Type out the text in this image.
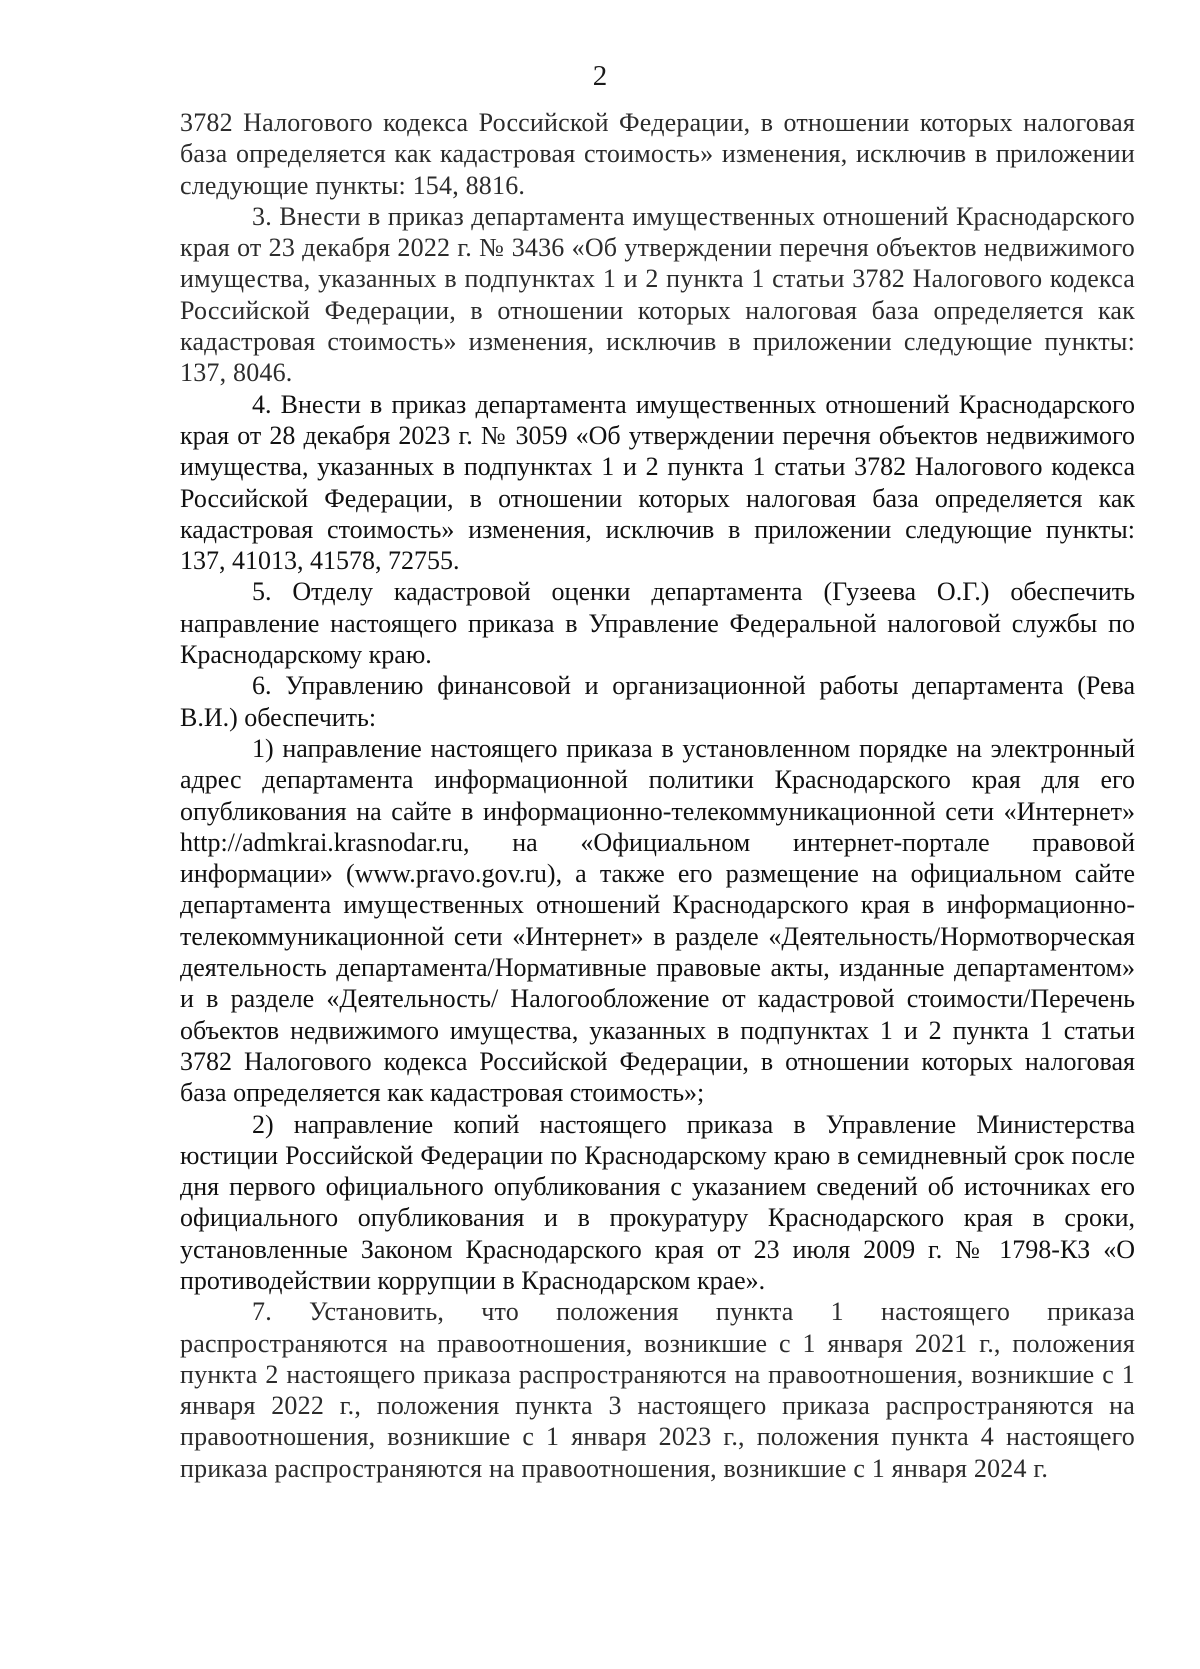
2

3782 Налогового кодекса Российской Федерации, в отношении которых налоговая база определяется как кадастровая стоимость» изменения, исключив в приложении следующие пункты: 154, 8816.

3. Внести в приказ департамента имущественных отношений Краснодарского края от 23 декабря 2022 г. № 3436 «Об утверждении перечня объектов недвижимого имущества, указанных в подпунктах 1 и 2 пункта 1 статьи 3782 Налогового кодекса Российской Федерации, в отношении которых налоговая база определяется как кадастровая стоимость» изменения, исключив в приложении следующие пункты: 137, 8046.

4. Внести в приказ департамента имущественных отношений Краснодарского края от 28 декабря 2023 г. № 3059 «Об утверждении перечня объектов недвижимого имущества, указанных в подпунктах 1 и 2 пункта 1 статьи 3782 Налогового кодекса Российской Федерации, в отношении которых налоговая база определяется как кадастровая стоимость» изменения, исключив в приложении следующие пункты: 137, 41013, 41578, 72755.

5. Отделу кадастровой оценки департамента (Гузеева О.Г.) обеспечить направление настоящего приказа в Управление Федеральной налоговой службы по Краснодарскому краю.

6. Управлению финансовой и организационной работы департамента (Рева В.И.) обеспечить:

1) направление настоящего приказа в установленном порядке на электронный адрес департамента информационной политики Краснодарского края для его опубликования на сайте в информационно-телекоммуникационной сети «Интернет» http://admkrai.krasnodar.ru, на «Официальном интернет-портале правовой информации» (www.pravo.gov.ru), а также его размещение на официальном сайте департамента имущественных отношений Краснодарского края в информационно-телекоммуникационной сети «Интернет» в разделе «Деятельность/Нормотворческая деятельность департамента/Нормативные правовые акты, изданные департаментом» и в разделе «Деятельность/ Налогообложение от кадастровой стоимости/Перечень объектов недвижимого имущества, указанных в подпунктах 1 и 2 пункта 1 статьи 3782 Налогового кодекса Российской Федерации, в отношении которых налоговая база определяется как кадастровая стоимость»;

2) направление копий настоящего приказа в Управление Министерства юстиции Российской Федерации по Краснодарскому краю в семидневный срок после дня первого официального опубликования с указанием сведений об источниках его официального опубликования и в прокуратуру Краснодарского края в сроки, установленные Законом Краснодарского края от 23 июля 2009 г. № 1798-КЗ «О противодействии коррупции в Краснодарском крае».

7. Установить, что положения пункта 1 настоящего приказа распространяются на правоотношения, возникшие с 1 января 2021 г., положения пункта 2 настоящего приказа распространяются на правоотношения, возникшие с 1 января 2022 г., положения пункта 3 настоящего приказа распространяются на правоотношения, возникшие с 1 января 2023 г., положения пункта 4 настоящего приказа распространяются на правоотношения, возникшие с 1 января 2024 г.
